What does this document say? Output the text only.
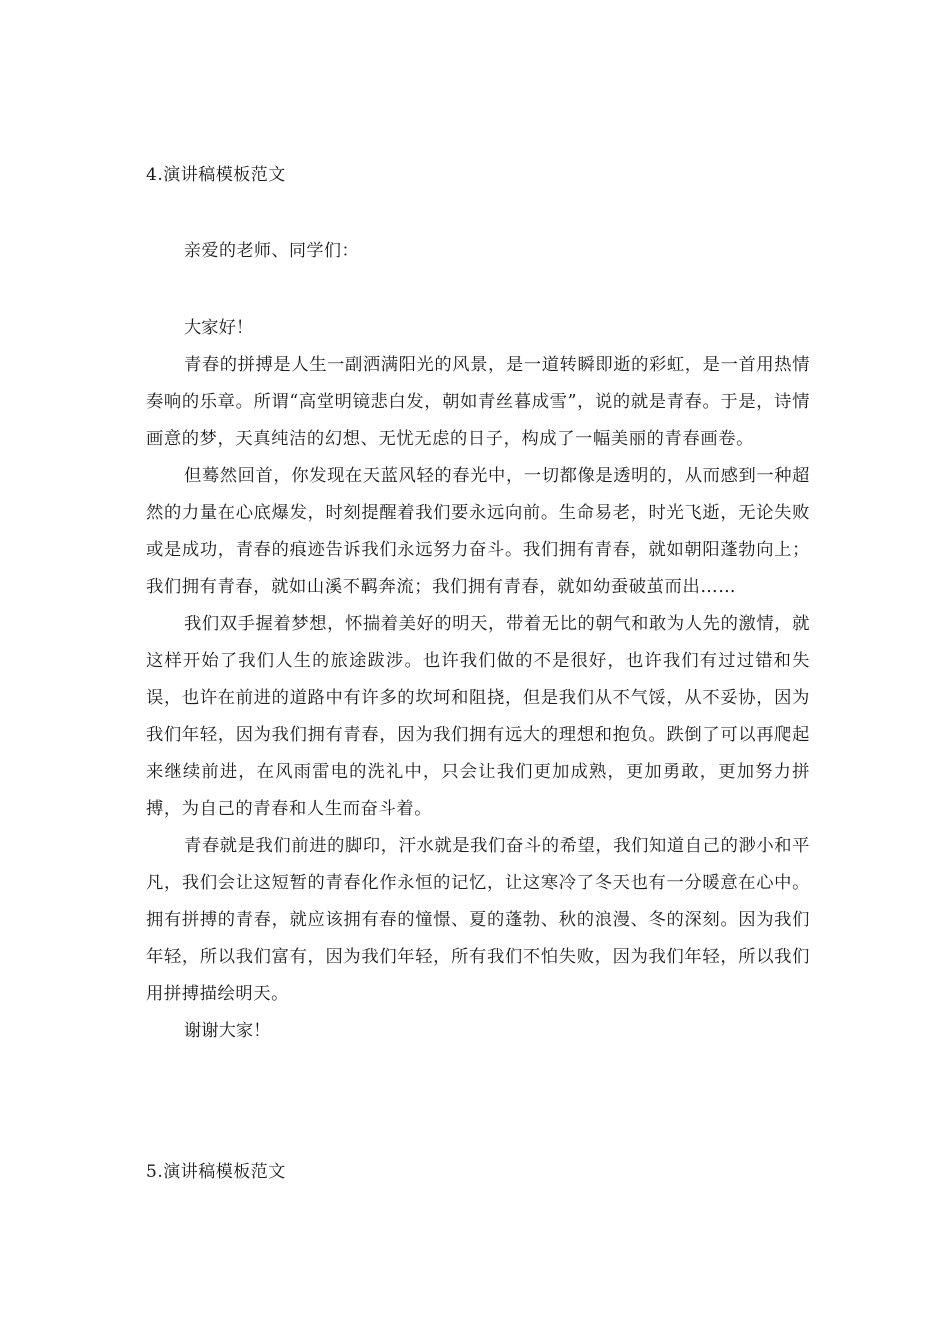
4.演讲稿模板范文
亲爱的老师、同学们：

大家好！

青春的拼搏是人生一副洒满阳光的风景，是一道转瞬即逝的彩虹，是一首用热情奏响的乐章。所谓“高堂明镜悲白发，朝如青丝暮成雪”，说的就是青春。于是，诗情画意的梦，天真纯洁的幻想、无忧无虑的日子，构成了一幅美丽的青春画卷。

但蓦然回首，你发现在天蓝风轻的春光中，一切都像是透明的，从而感到一种超然的力量在心底爆发，时刻提醒着我们要永远向前。生命易老，时光飞逝，无论失败或是成功，青春的痕迹告诉我们永远努力奋斗。我们拥有青春，就如朝阳蓬勃向上；我们拥有青春，就如山溪不羁奔流；我们拥有青春，就如幼蚕破茧而出……

我们双手握着梦想，怀揣着美好的明天，带着无比的朝气和敢为人先的激情，就这样开始了我们人生的旅途跋涉。也许我们做的不是很好，也许我们有过过错和失误，也许在前进的道路中有许多的坎坷和阻挠，但是我们从不气馁，从不妥协，因为我们年轻，因为我们拥有青春，因为我们拥有远大的理想和抱负。跌倒了可以再爬起来继续前进，在风雨雷电的洗礼中，只会让我们更加成熟，更加勇敢，更加努力拼搏，为自己的青春和人生而奋斗着。

青春就是我们前进的脚印，汗水就是我们奋斗的希望，我们知道自己的渺小和平凡，我们会让这短暂的青春化作永恒的记忆，让这寒冷了冬天也有一分暖意在心中。拥有拼搏的青春，就应该拥有春的憧憬、夏的蓬勃、秋的浪漫、冬的深刻。因为我们年轻，所以我们富有，因为我们年轻，所有我们不怕失败，因为我们年轻，所以我们用拼搏描绘明天。

谢谢大家！

5.演讲稿模板范文
